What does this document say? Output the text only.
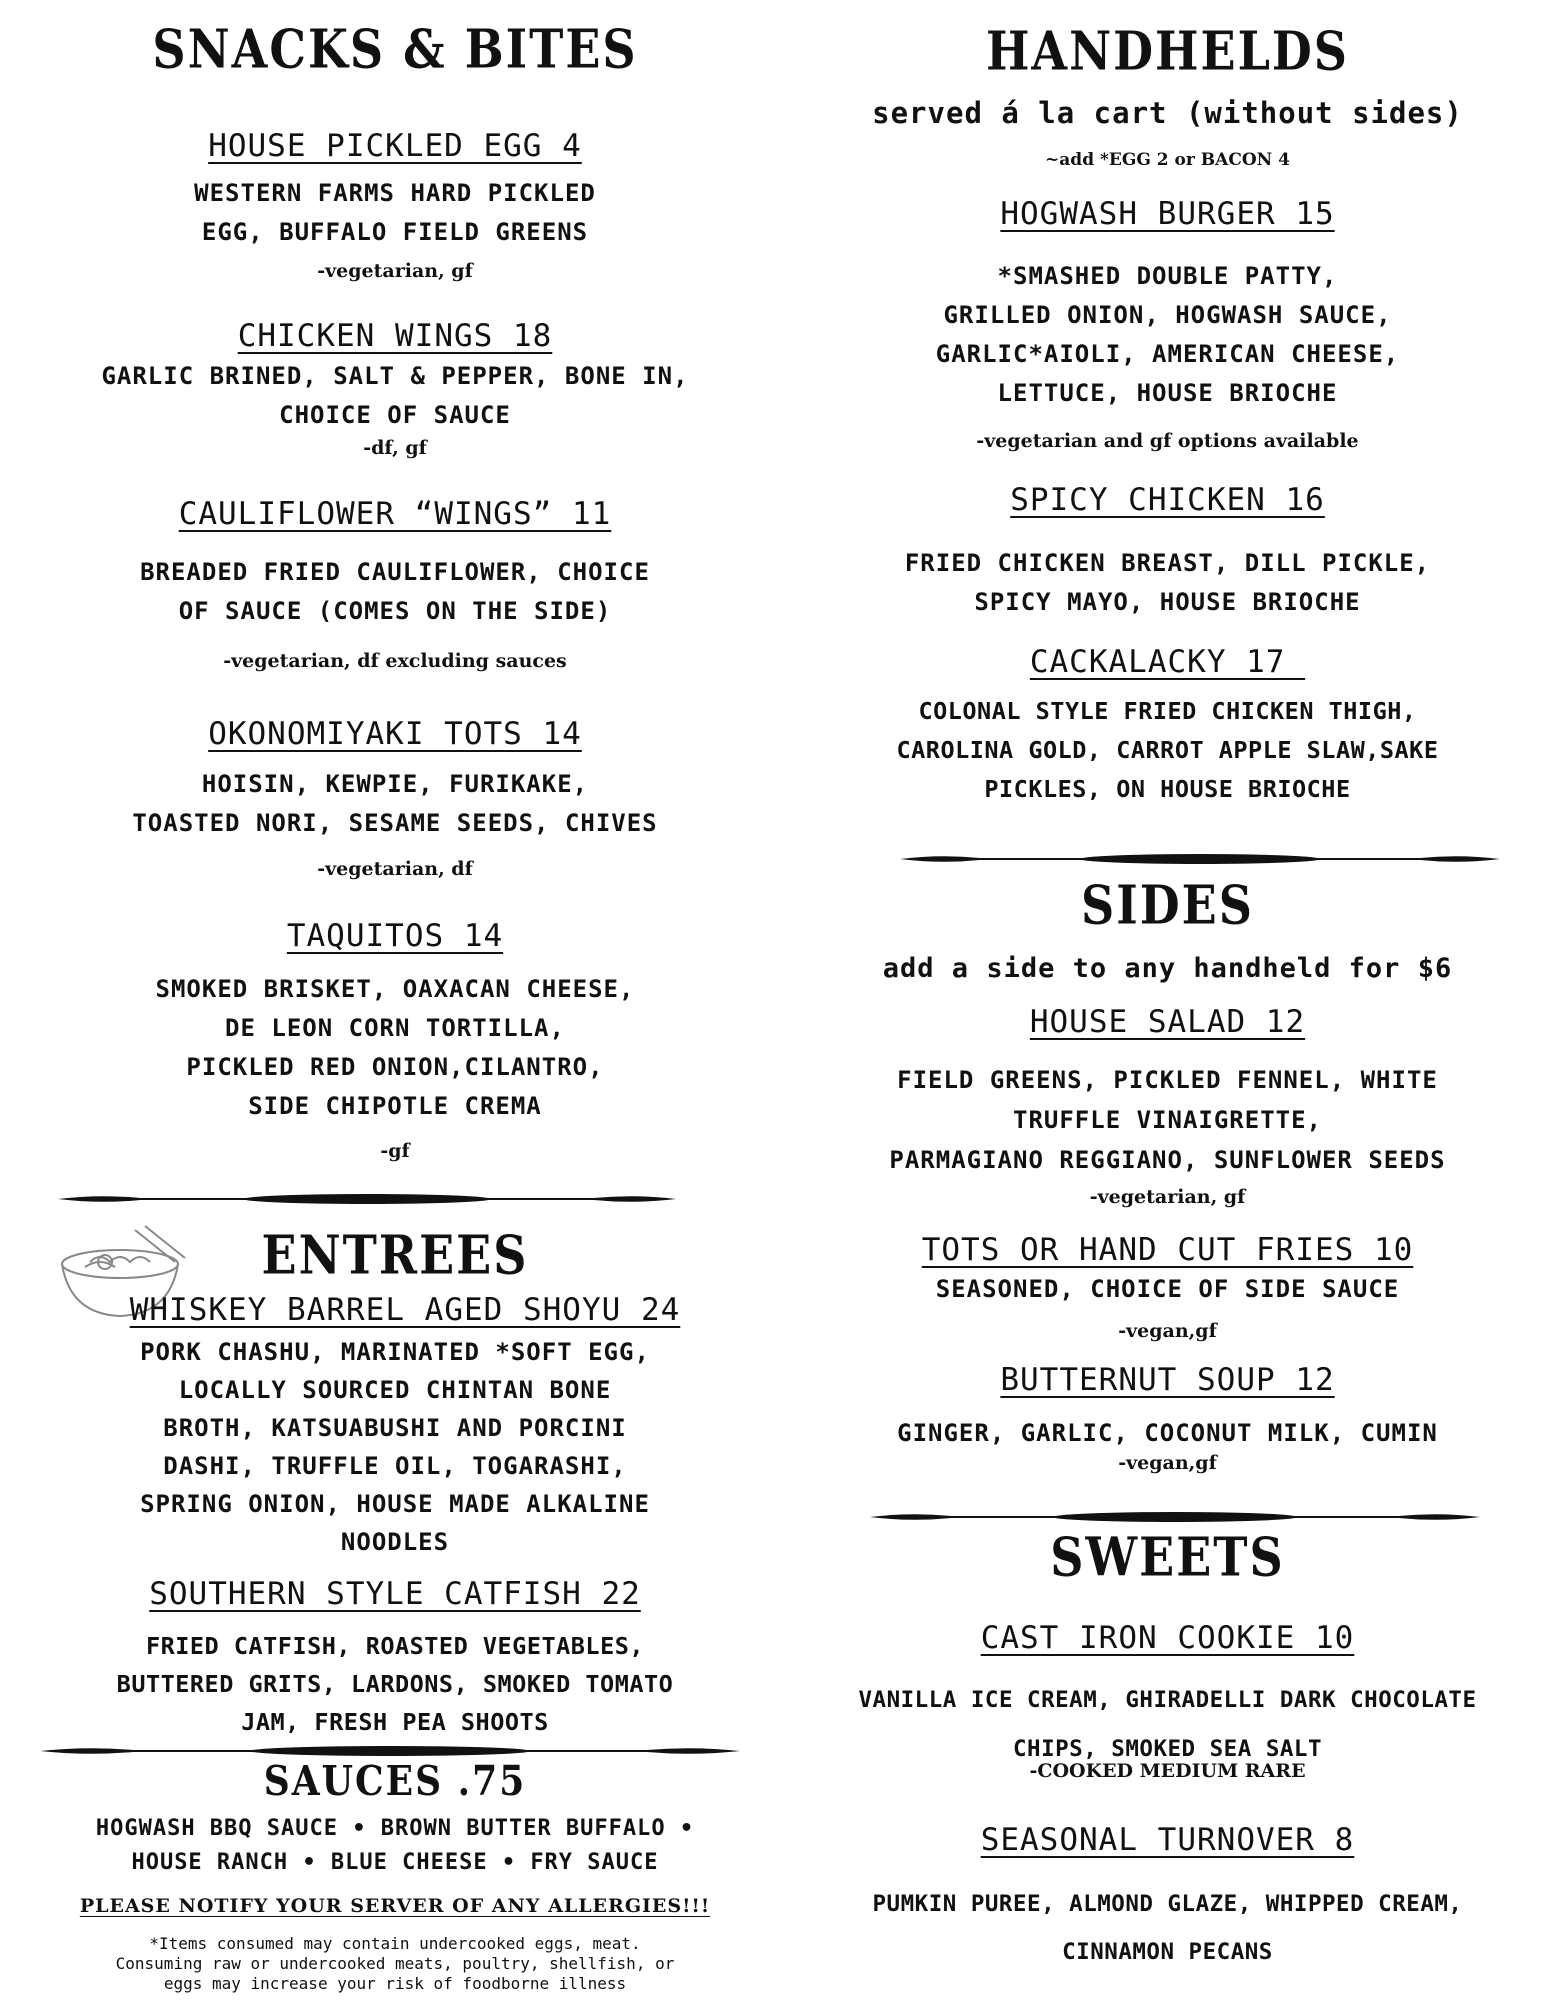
SNACKS & BITES
HOUSE PICKLED EGG 4
WESTERN FARMS HARD PICKLED
EGG, BUFFALO FIELD GREENS
-vegetarian, gf
CHICKEN WINGS 18
GARLIC BRINED, SALT & PEPPER, BONE IN,
CHOICE OF SAUCE
-df, gf
CAULIFLOWER “WINGS” 11
BREADED FRIED CAULIFLOWER, CHOICE
OF SAUCE (COMES ON THE SIDE)
-vegetarian, df excluding sauces
OKONOMIYAKI TOTS 14
HOISIN, KEWPIE, FURIKAKE,
TOASTED NORI, SESAME SEEDS, CHIVES
-vegetarian, df
TAQUITOS 14
SMOKED BRISKET, OAXACAN CHEESE,
DE LEON CORN TORTILLA,
PICKLED RED ONION,CILANTRO,
SIDE CHIPOTLE CREMA
-gf
ENTREES
WHISKEY BARREL AGED SHOYU 24
PORK CHASHU, MARINATED *SOFT EGG,
LOCALLY SOURCED CHINTAN BONE
BROTH, KATSUABUSHI AND PORCINI
DASHI, TRUFFLE OIL, TOGARASHI,
SPRING ONION, HOUSE MADE ALKALINE
NOODLES
SOUTHERN STYLE CATFISH 22
FRIED CATFISH, ROASTED VEGETABLES,
BUTTERED GRITS, LARDONS, SMOKED TOMATO
JAM, FRESH PEA SHOOTS
SAUCES .75
HOGWASH BBQ SAUCE • BROWN BUTTER BUFFALO •
HOUSE RANCH • BLUE CHEESE • FRY SAUCE
PLEASE NOTIFY YOUR SERVER OF ANY ALLERGIES!!!
*Items consumed may contain undercooked eggs, meat.
Consuming raw or undercooked meats, poultry, shellfish, or
eggs may increase your risk of foodborne illness
HANDHELDS
served á la cart (without sides)
~add *EGG 2 or BACON 4
HOGWASH BURGER 15
*SMASHED DOUBLE PATTY,
GRILLED ONION, HOGWASH SAUCE,
GARLIC*AIOLI, AMERICAN CHEESE,
LETTUCE, HOUSE BRIOCHE
-vegetarian and gf options available
SPICY CHICKEN 16
FRIED CHICKEN BREAST, DILL PICKLE,
SPICY MAYO, HOUSE BRIOCHE
CACKALACKY 17_
COLONAL STYLE FRIED CHICKEN THIGH,
CAROLINA GOLD, CARROT APPLE SLAW,SAKE
PICKLES, ON HOUSE BRIOCHE
SIDES
add a side to any handheld for $6
HOUSE SALAD 12
FIELD GREENS, PICKLED FENNEL, WHITE
TRUFFLE VINAIGRETTE,
PARMAGIANO REGGIANO, SUNFLOWER SEEDS
-vegetarian, gf
TOTS OR HAND CUT FRIES 10
SEASONED, CHOICE OF SIDE SAUCE
-vegan,gf
BUTTERNUT SOUP 12
GINGER, GARLIC, COCONUT MILK, CUMIN
-vegan,gf
SWEETS
CAST IRON COOKIE 10
VANILLA ICE CREAM, GHIRADELLI DARK CHOCOLATE
CHIPS, SMOKED SEA SALT
-COOKED MEDIUM RARE
SEASONAL TURNOVER 8
PUMKIN PUREE, ALMOND GLAZE, WHIPPED CREAM,
CINNAMON PECANS
